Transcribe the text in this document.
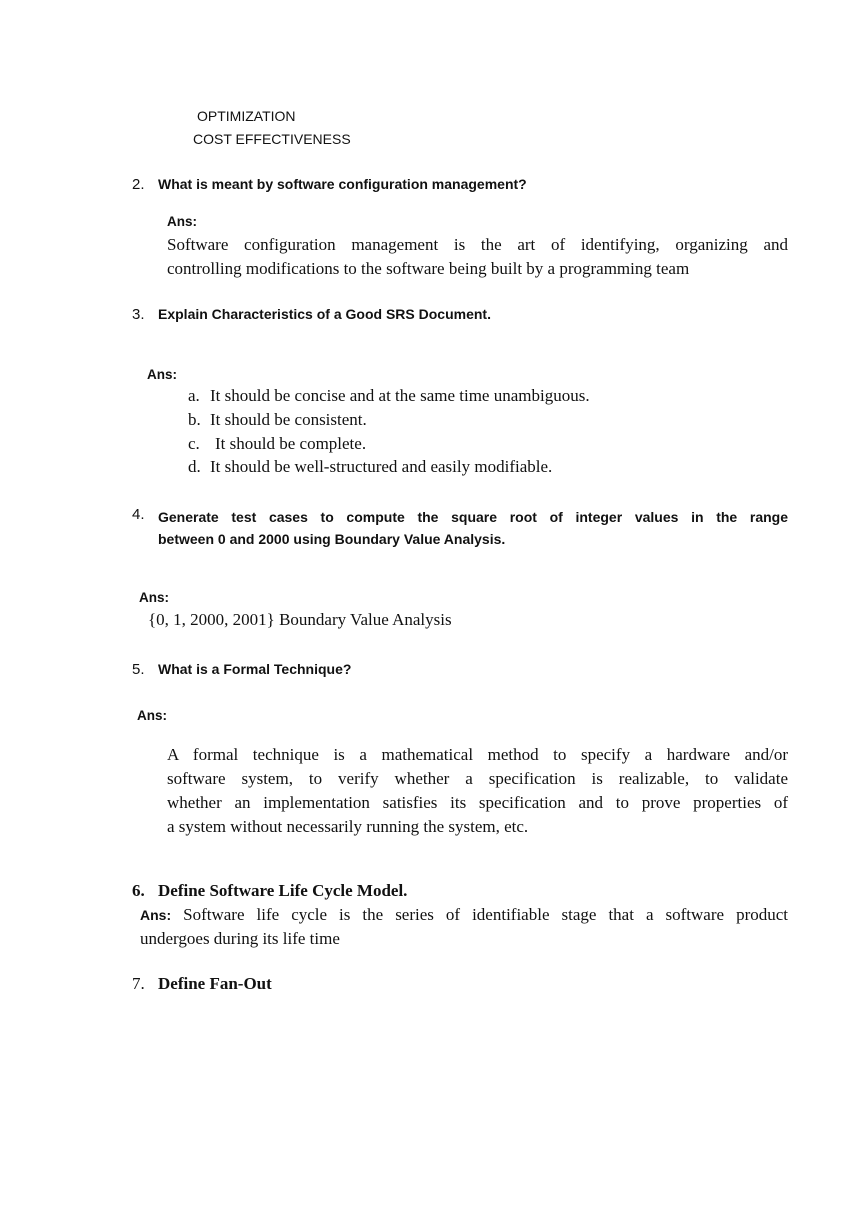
OPTIMIZATION
COST EFFECTIVENESS
2. What is meant by software configuration management?
Ans:
Software configuration management is the art of identifying, organizing and
controlling modifications to the software being built by a programming team
3. Explain Characteristics of a Good SRS Document.
Ans:
a. It should be concise and at the same time unambiguous.
b. It should be consistent.
c. It should be complete.
d. It should be well-structured and easily modifiable.
4. Generate test cases to compute the square root of integer values in the range
between 0 and 2000 using Boundary Value Analysis.
Ans:
{0, 1, 2000, 2001} Boundary Value Analysis
5. What is a Formal Technique?
Ans:
A formal technique is a mathematical method to specify a hardware and/or
software system, to verify whether a specification is realizable, to validate
whether an implementation satisfies its specification and to prove properties of
a system without necessarily running the system, etc.
6. Define Software Life Cycle Model.
Ans: Software life cycle is the series of identifiable stage that a software product
undergoes during its life time
7. Define Fan-Out
